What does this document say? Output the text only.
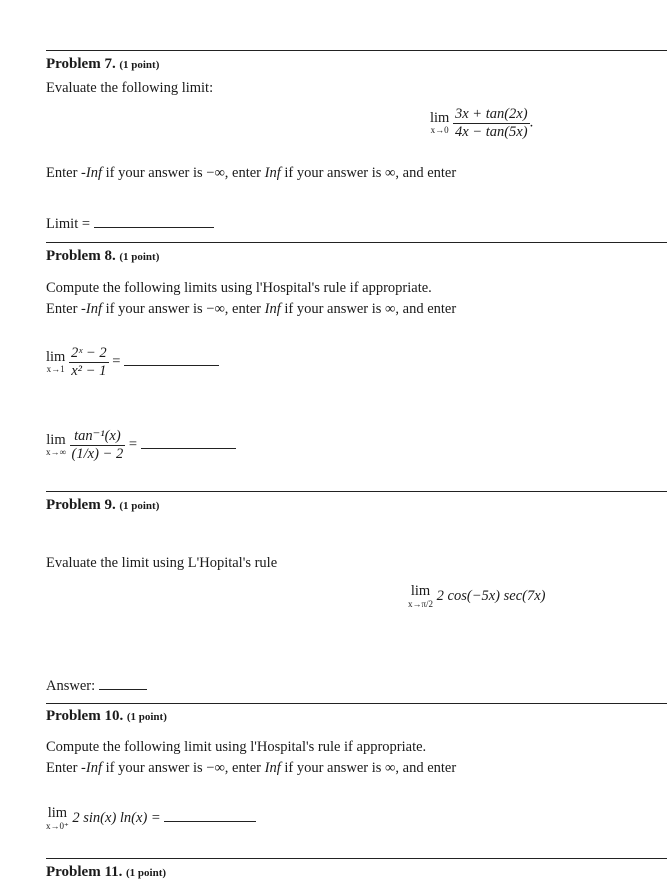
Problem 7. (1 point)
Evaluate the following limit:
lim
x→0
$\frac{3x + \tan(2x)}{4x - \tan(5x)}$ .
Enter -Inf if your answer is −∞, enter Inf if your answer is ∞, and enter
Limit =
Problem 8. (1 point)
Compute the following limits using l'Hospital's rule if appropriate.
Enter -Inf if your answer is −∞, enter Inf if your answer is ∞, and enter
lim
x→1
$\frac{\text{2ˣ − 2}}{\text{x² − 1}}$ =
lim
x→∞
$\frac{\text{tan⁻¹(x)}}{(1/x) - 2}$ =
Problem 9. (1 point)
Evaluate the limit using L'Hopital's rule
lim
x→π/2 2 cos(−5x) sec(7x)
Answer:
Problem 10. (1 point)
Compute the following limit using l'Hospital's rule if appropriate.
Enter -Inf if your answer is −∞, enter Inf if your answer is ∞, and enter
lim
x→0⁺ 2 sin(x) ln(x) =
Problem 11. (1 point)
